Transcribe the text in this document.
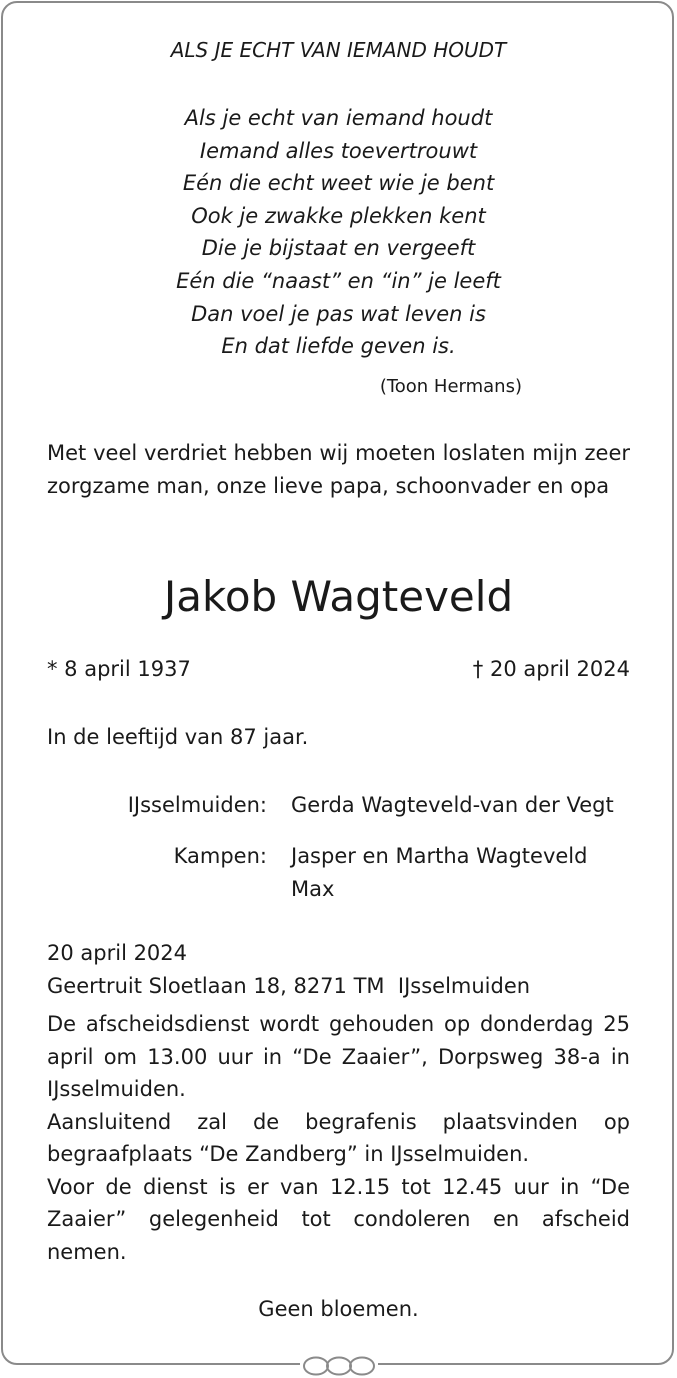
ALS JE ECHT VAN IEMAND HOUDT
Als je echt van iemand houdt
Iemand alles toevertrouwt
Eén die echt weet wie je bent
Ook je zwakke plekken kent
Die je bijstaat en vergeeft
Eén die “naast” en “in” je leeft
Dan voel je pas wat leven is
En dat liefde geven is.
(Toon Hermans)
Met veel verdriet hebben wij moeten loslaten mijn zeer zorgzame man, onze lieve papa, schoonvader en opa
Jakob Wagteveld
* 8 april 1937	† 20 april 2024
In de leeftijd van 87 jaar.
IJsselmuiden: Gerda Wagteveld-van der Vegt
Kampen: Jasper en Martha Wagteveld
Max
20 april 2024
Geertruit Sloetlaan 18, 8271 TM  IJsselmuiden

De afscheidsdienst wordt gehouden op donderdag 25 april om 13.00 uur in “De Zaaier”, Dorpsweg 38-a in IJsselmuiden.

Aansluitend zal de begrafenis plaatsvinden op begraafplaats “De Zandberg” in IJsselmuiden.

Voor de dienst is er van 12.15 tot 12.45 uur in “De Zaaier” gelegenheid tot condoleren en afscheid nemen.

Geen bloemen.
